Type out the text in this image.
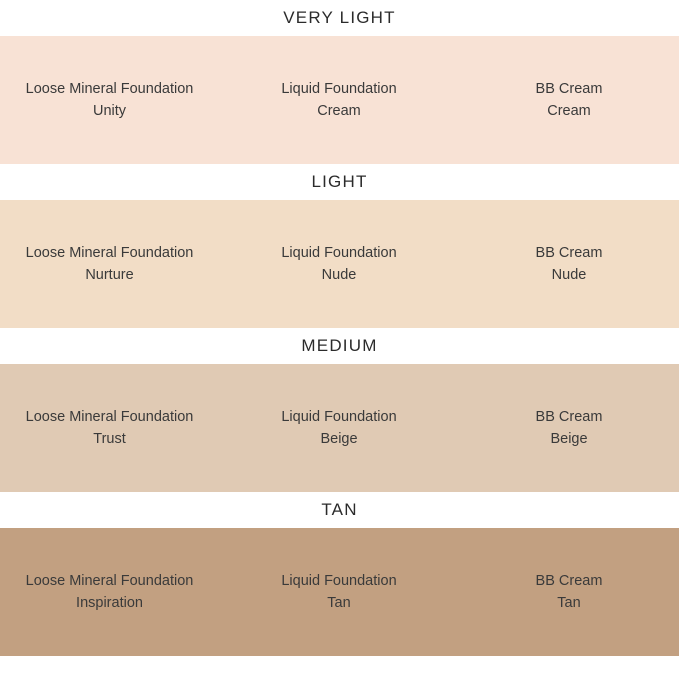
VERY LIGHT
Loose Mineral Foundation
Unity
Liquid Foundation
Cream
BB Cream
Cream
LIGHT
Loose Mineral Foundation
Nurture
Liquid Foundation
Nude
BB Cream
Nude
MEDIUM
Loose Mineral Foundation
Trust
Liquid Foundation
Beige
BB Cream
Beige
TAN
Loose Mineral Foundation
Inspiration
Liquid Foundation
Tan
BB Cream
Tan
